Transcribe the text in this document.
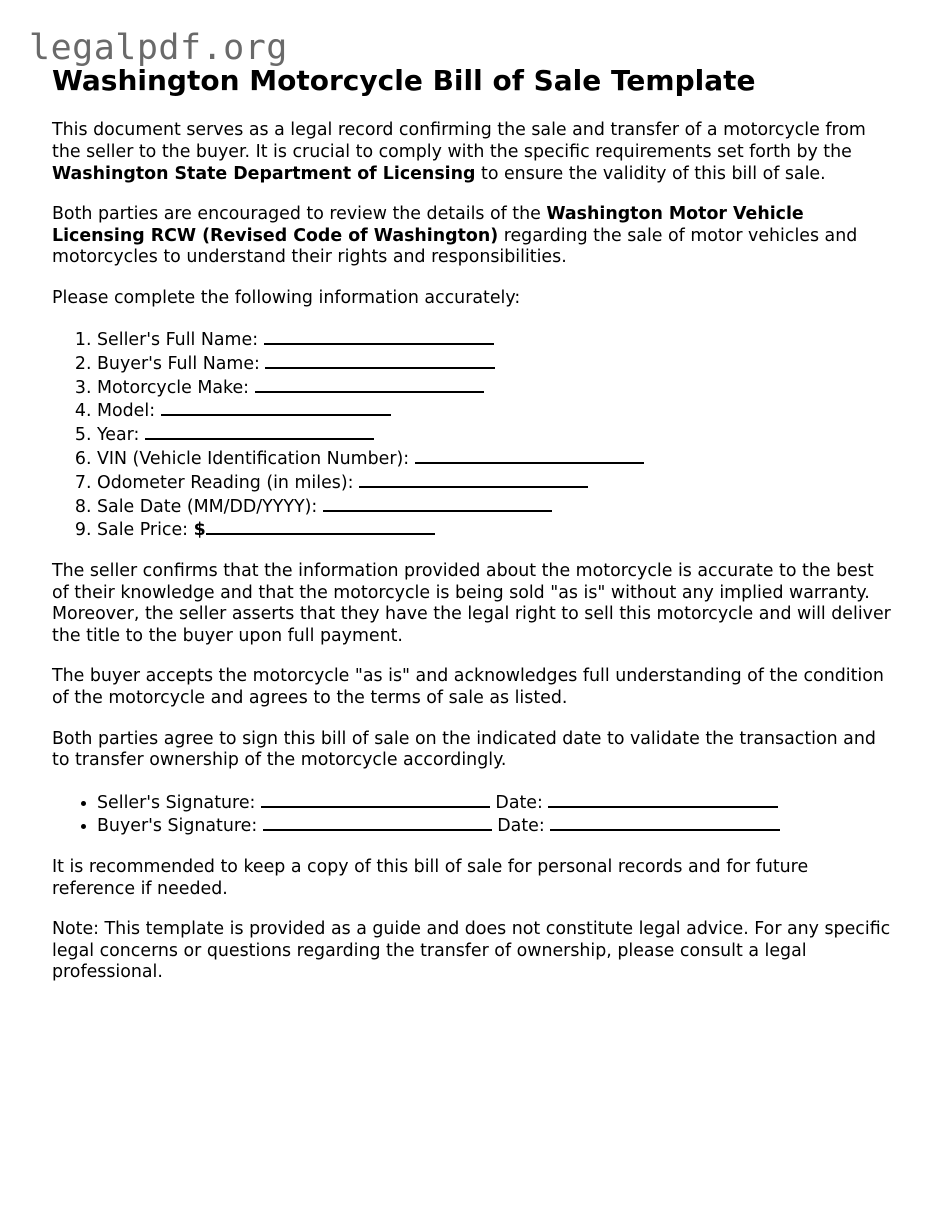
legalpdf.org
Washington Motorcycle Bill of Sale Template

This document serves as a legal record confirming the sale and transfer of a motorcycle from the seller to the buyer. It is crucial to comply with the specific requirements set forth by the Washington State Department of Licensing to ensure the validity of this bill of sale.

Both parties are encouraged to review the details of the Washington Motor Vehicle Licensing RCW (Revised Code of Washington) regarding the sale of motor vehicles and motorcycles to understand their rights and responsibilities.

Please complete the following information accurately:

1. Seller's Full Name:
2. Buyer's Full Name:
3. Motorcycle Make:
4. Model:
5. Year:
6. VIN (Vehicle Identification Number):
7. Odometer Reading (in miles):
8. Sale Date (MM/DD/YYYY):
9. Sale Price: $

The seller confirms that the information provided about the motorcycle is accurate to the best of their knowledge and that the motorcycle is being sold "as is" without any implied warranty. Moreover, the seller asserts that they have the legal right to sell this motorcycle and will deliver the title to the buyer upon full payment.

The buyer accepts the motorcycle "as is" and acknowledges full understanding of the condition of the motorcycle and agrees to the terms of sale as listed.

Both parties agree to sign this bill of sale on the indicated date to validate the transaction and to transfer ownership of the motorcycle accordingly.

• Seller's Signature:	Date:
• Buyer's Signature:	Date:

It is recommended to keep a copy of this bill of sale for personal records and for future reference if needed.

Note: This template is provided as a guide and does not constitute legal advice. For any specific legal concerns or questions regarding the transfer of ownership, please consult a legal professional.
